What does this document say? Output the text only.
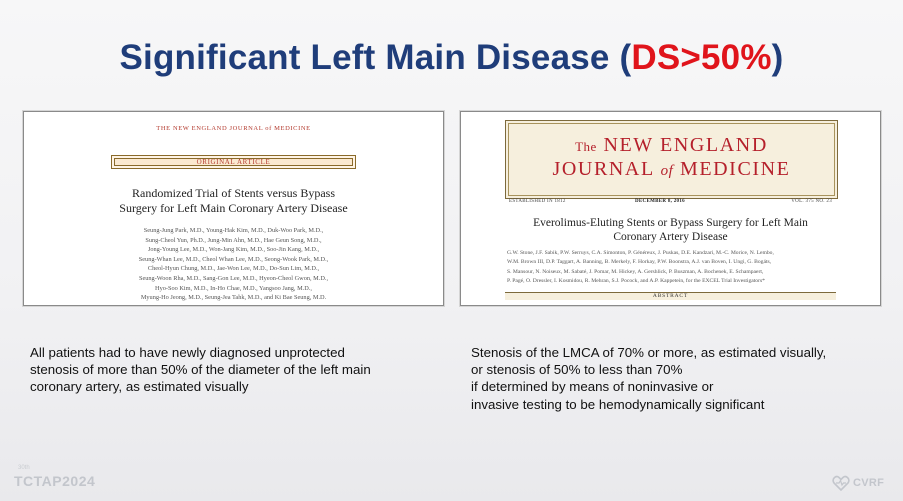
Significant Left Main Disease (DS>50%)
THE NEW ENGLAND JOURNAL of MEDICINE
ORIGINAL ARTICLE
Randomized Trial of Stents versus Bypass
Surgery for Left Main Coronary Artery Disease
Seung-Jung Park, M.D., Young-Hak Kim, M.D., Duk-Woo Park, M.D.,
Sung-Cheol Yun, Ph.D., Jung-Min Ahn, M.D., Hae Geun Song, M.D.,
Jong-Young Lee, M.D., Won-Jang Kim, M.D., Soo-Jin Kang, M.D.,
Seung-Whan Lee, M.D., Cheol Whan Lee, M.D., Seong-Wook Park, M.D.,
Cheol-Hyun Chung, M.D., Jae-Won Lee, M.D., Do-Sun Lim, M.D.,
Seung-Woon Rha, M.D., Sang-Gon Lee, M.D., Hyeon-Cheol Gwon, M.D.,
Hyo-Soo Kim, M.D., In-Ho Chae, M.D., Yangsoo Jang, M.D.,
Myung-Ho Jeong, M.D., Seung-Jea Tahk, M.D., and Ki Bae Seung, M.D.
The NEW ENGLAND
JOURNAL of MEDICINE
ESTABLISHED IN 1812	DECEMBER 8, 2016	VOL. 375 NO. 23
Everolimus-Eluting Stents or Bypass Surgery for Left Main
Coronary Artery Disease
G.W. Stone, J.F. Sabik, P.W. Serruys, C.A. Simonton, P. Généreux, J. Puskas, D.E. Kandzari, M.-C. Morice, N. Lembo,
W.M. Brown III, D.P. Taggart, A. Banning, B. Merkely, F. Horkay, P.W. Boonstra, A.J. van Boven, I. Ungi, G. Bogáts,
S. Mansour, N. Noiseux, M. Sabaté, J. Pomar, M. Hickey, A. Gershlick, P. Buszman, A. Bochenek, E. Schampaert,
P. Pagé, O. Dressler, I. Kosmidou, R. Mehran, S.J. Pocock, and A.P. Kappetein, for the EXCEL Trial Investigators*
ABSTRACT
All patients had to have newly diagnosed unprotected
stenosis of more than 50% of the diameter of the left main
coronary artery, as estimated visually
Stenosis of the LMCA of 70% or more, as estimated visually,
or stenosis of 50% to less than 70%
if determined by means of noninvasive or
invasive testing to be hemodynamically significant
30th
TCTAP2024	CVRF
